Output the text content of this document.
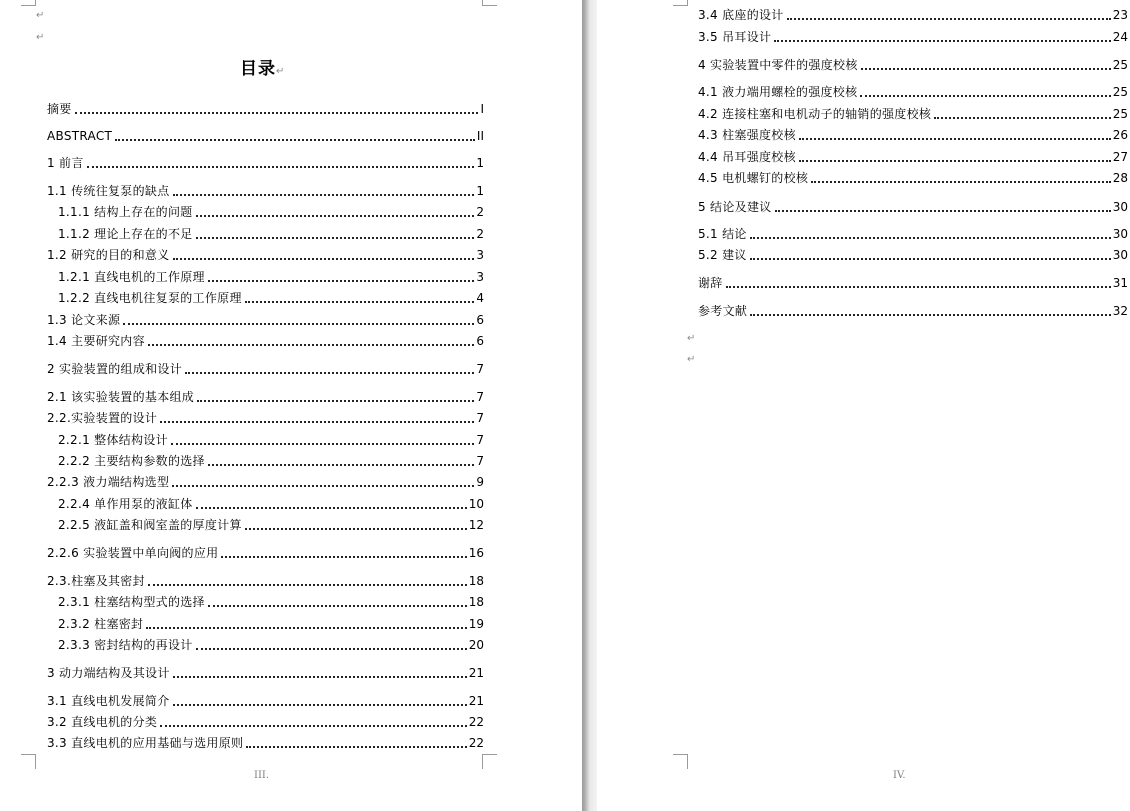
↵
↵
目录↵
摘要	I
ABSTRACT	II
1 前言	1
1.1 传统往复泵的缺点	1
1.1.1 结构上存在的问题	2
1.1.2 理论上存在的不足	2
1.2 研究的目的和意义	3
1.2.1 直线电机的工作原理	3
1.2.2 直线电机往复泵的工作原理	4
1.3 论文来源	6
1.4 主要研究内容	6
2 实验装置的组成和设计	7
2.1 该实验装置的基本组成	7
2.2.实验装置的设计	7
2.2.1 整体结构设计	7
2.2.2 主要结构参数的选择	7
2.2.3 液力端结构选型	9
2.2.4 单作用泵的液缸体	10
2.2.5 液缸盖和阀室盖的厚度计算	12
2.2.6 实验装置中单向阀的应用	16
2.3.柱塞及其密封	18
2.3.1 柱塞结构型式的选择	18
2.3.2 柱塞密封	19
2.3.3 密封结构的再设计	20
3 动力端结构及其设计	21
3.1 直线电机发展简介	21
3.2 直线电机的分类	22
3.3 直线电机的应用基础与选用原则	22
III.
3.4 底座的设计	23
3.5 吊耳设计	24
4 实验装置中零件的强度校核	25
4.1 液力端用螺栓的强度校核	25
4.2 连接柱塞和电机动子的轴销的强度校核	25
4.3 柱塞强度校核	26
4.4 吊耳强度校核	27
4.5 电机螺钉的校核	28
5 结论及建议	30
5.1 结论	30
5.2 建议	30
谢辞	31
参考文献	32
↵
↵
IV.
